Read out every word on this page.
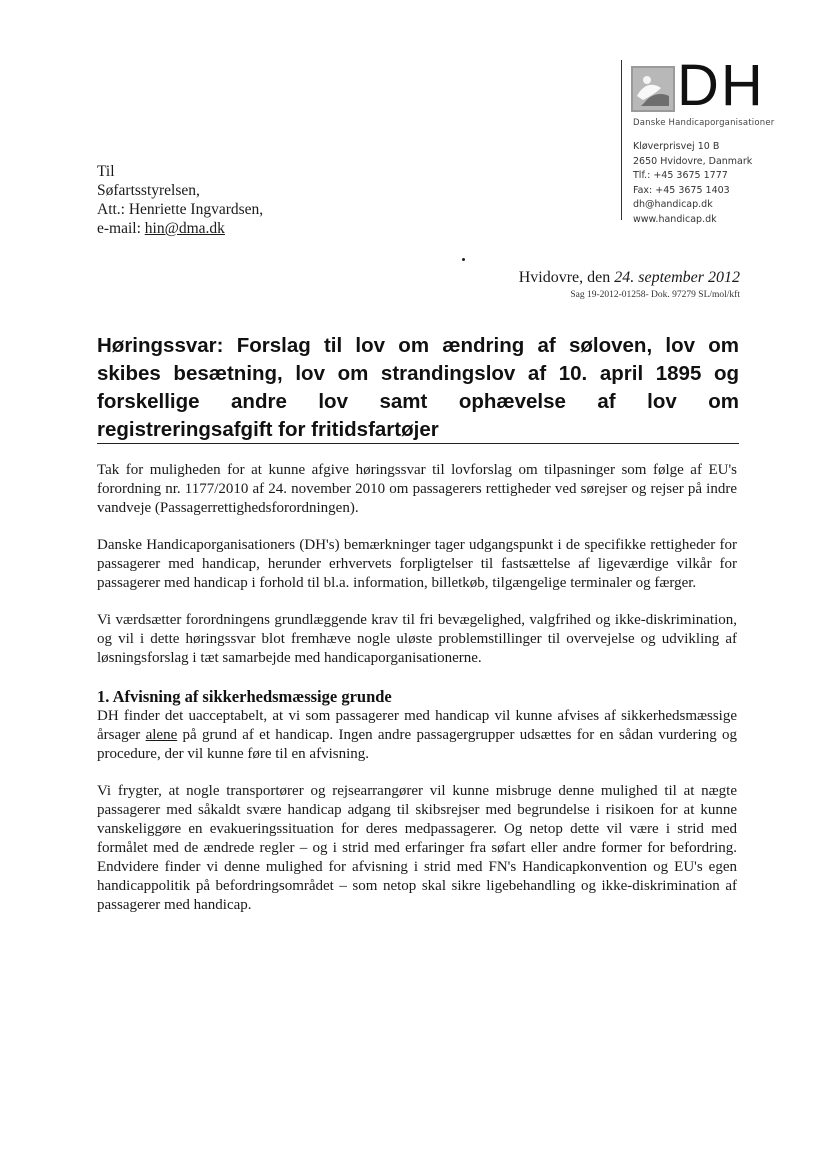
DH
Danske Handicaporganisationer
Kløverprisvej 10 B
2650 Hvidovre, Danmark
Tlf.: +45 3675 1777
Fax: +45 3675 1403
dh@handicap.dk
www.handicap.dk
Til
Søfartsstyrelsen,
Att.: Henriette Ingvardsen,
e-mail: hin@dma.dk
Hvidovre, den 24. september 2012
Sag 19-2012-01258- Dok. 97279 SL/mol/kft
Høringssvar: Forslag til lov om ændring af søloven, lov om skibes besætning, lov om strandingslov af 10. april 1895 og forskellige andre lov samt ophævelse af lov om registreringsafgift for fritidsfartøjer

Tak for muligheden for at kunne afgive høringssvar til lovforslag om tilpasninger som følge af EU's forordning nr. 1177/2010 af 24. november 2010 om passagerers rettigheder ved sørejser og rejser på indre vandveje (Passagerrettighedsforordningen).

Danske Handicaporganisationers (DH's) bemærkninger tager udgangspunkt i de specifikke rettigheder for passagerer med handicap, herunder erhvervets forpligtelser til fastsættelse af ligeværdige vilkår for passagerer med handicap i forhold til bl.a. information, billetkøb, tilgængelige terminaler og færger.

Vi værdsætter forordningens grundlæggende krav til fri bevægelighed, valgfrihed og ikke-diskrimination, og vil i dette høringssvar blot fremhæve nogle uløste problemstillinger til overvejelse og udvikling af løsningsforslag i tæt samarbejde med handicaporganisationerne.

1. Afvisning af sikkerhedsmæssige grunde

DH finder det uacceptabelt, at vi som passagerer med handicap vil kunne afvises af sikkerhedsmæssige årsager alene på grund af et handicap. Ingen andre passagergrupper udsættes for en sådan vurdering og procedure, der vil kunne føre til en afvisning.

Vi frygter, at nogle transportører og rejsearrangører vil kunne misbruge denne mulighed til at nægte passagerer med såkaldt svære handicap adgang til skibsrejser med begrundelse i risikoen for at kunne vanskeliggøre en evakueringssituation for deres medpassagerer. Og netop dette vil være i strid med formålet med de ændrede regler – og i strid med erfaringer fra søfart eller andre former for befordring. Endvidere finder vi denne mulighed for afvisning i strid med FN's Handicapkonvention og EU's egen handicappolitik på befordringsområdet – som netop skal sikre ligebehandling og ikke-diskrimination af passagerer med handicap.
